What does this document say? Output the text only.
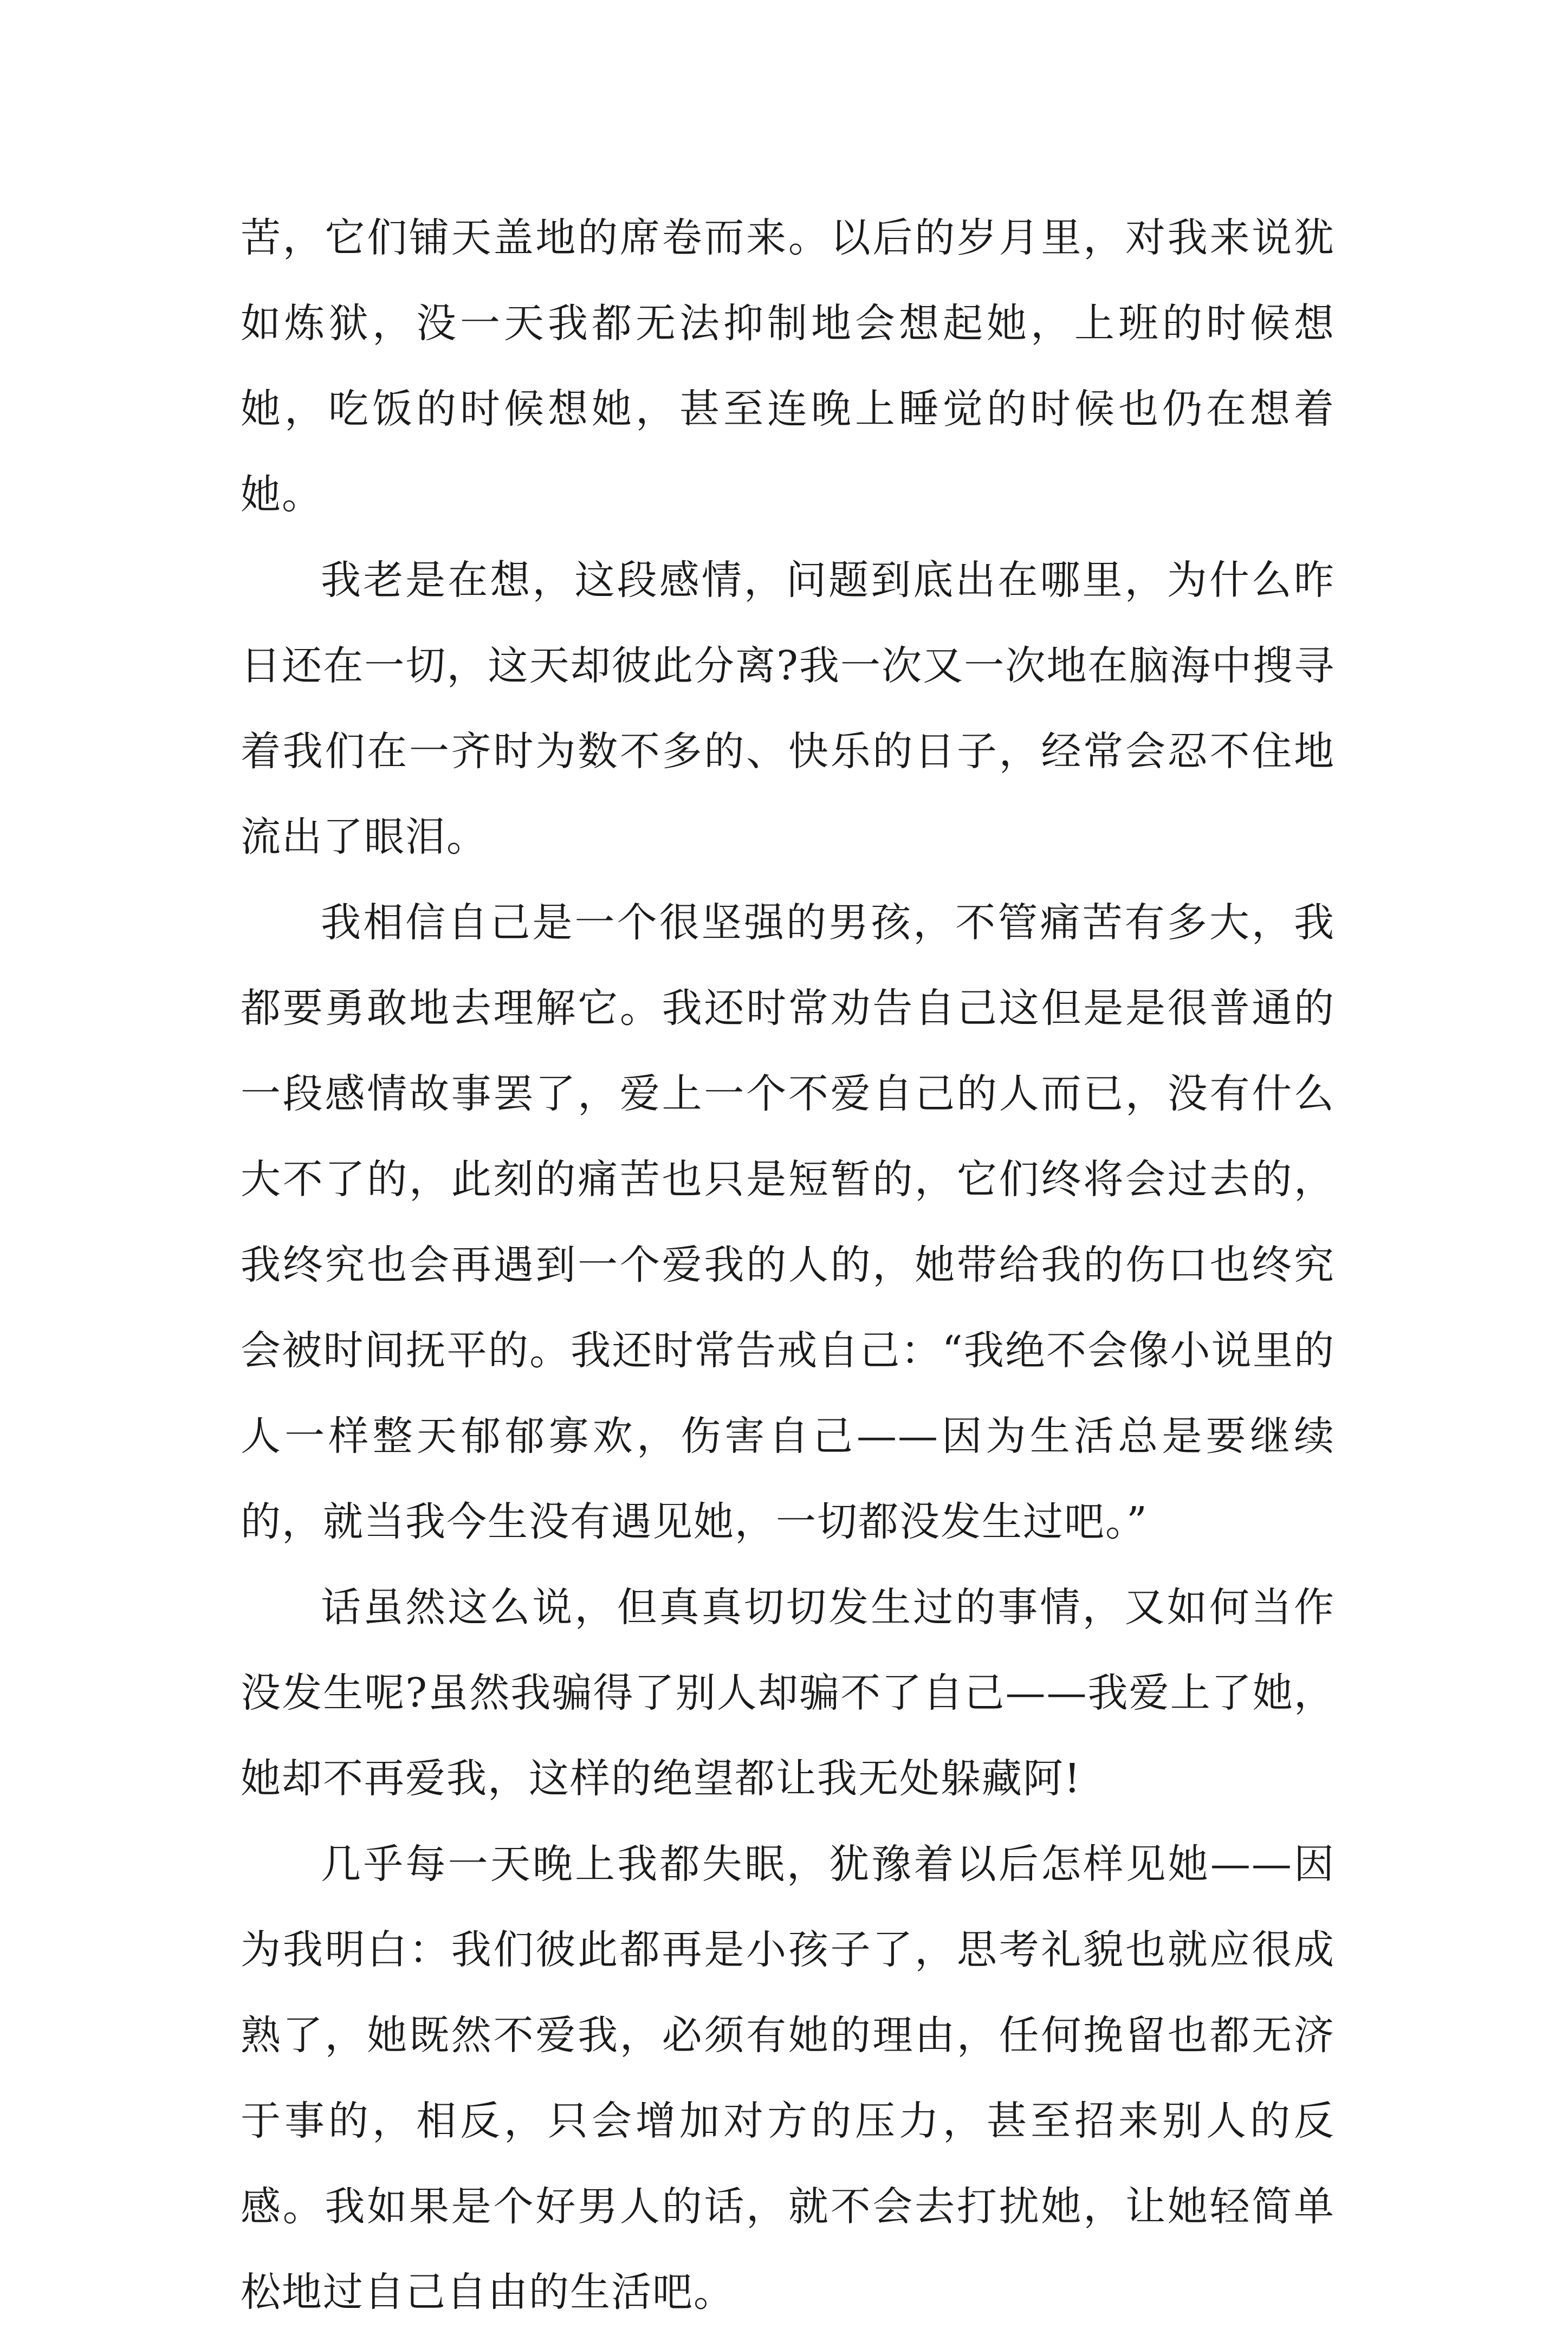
苦，它们铺天盖地的席卷而来。以后的岁月里，对我来说犹如炼狱，没一天我都无法抑制地会想起她，上班的时候想她，吃饭的时候想她，甚至连晚上睡觉的时候也仍在想着她。

我老是在想，这段感情，问题到底出在哪里，为什么昨日还在一切，这天却彼此分离?我一次又一次地在脑海中搜寻着我们在一齐时为数不多的、快乐的日子，经常会忍不住地流出了眼泪。

我相信自己是一个很坚强的男孩，不管痛苦有多大，我都要勇敢地去理解它。我还时常劝告自己这但是是很普通的一段感情故事罢了，爱上一个不爱自己的人而已，没有什么大不了的，此刻的痛苦也只是短暂的，它们终将会过去的，我终究也会再遇到一个爱我的人的，她带给我的伤口也终究会被时间抚平的。我还时常告戒自己：“我绝不会像小说里的人一样整天郁郁寡欢，伤害自己——因为生活总是要继续的，就当我今生没有遇见她，一切都没发生过吧。”

话虽然这么说，但真真切切发生过的事情，又如何当作没发生呢?虽然我骗得了别人却骗不了自己——我爱上了她，她却不再爱我，这样的绝望都让我无处躲藏阿!

几乎每一天晚上我都失眠，犹豫着以后怎样见她——因为我明白：我们彼此都再是小孩子了，思考礼貌也就应很成熟了，她既然不爱我，必须有她的理由，任何挽留也都无济于事的，相反，只会增加对方的压力，甚至招来别人的反感。我如果是个好男人的话，就不会去打扰她，让她轻简单松地过自己自由的生活吧。
